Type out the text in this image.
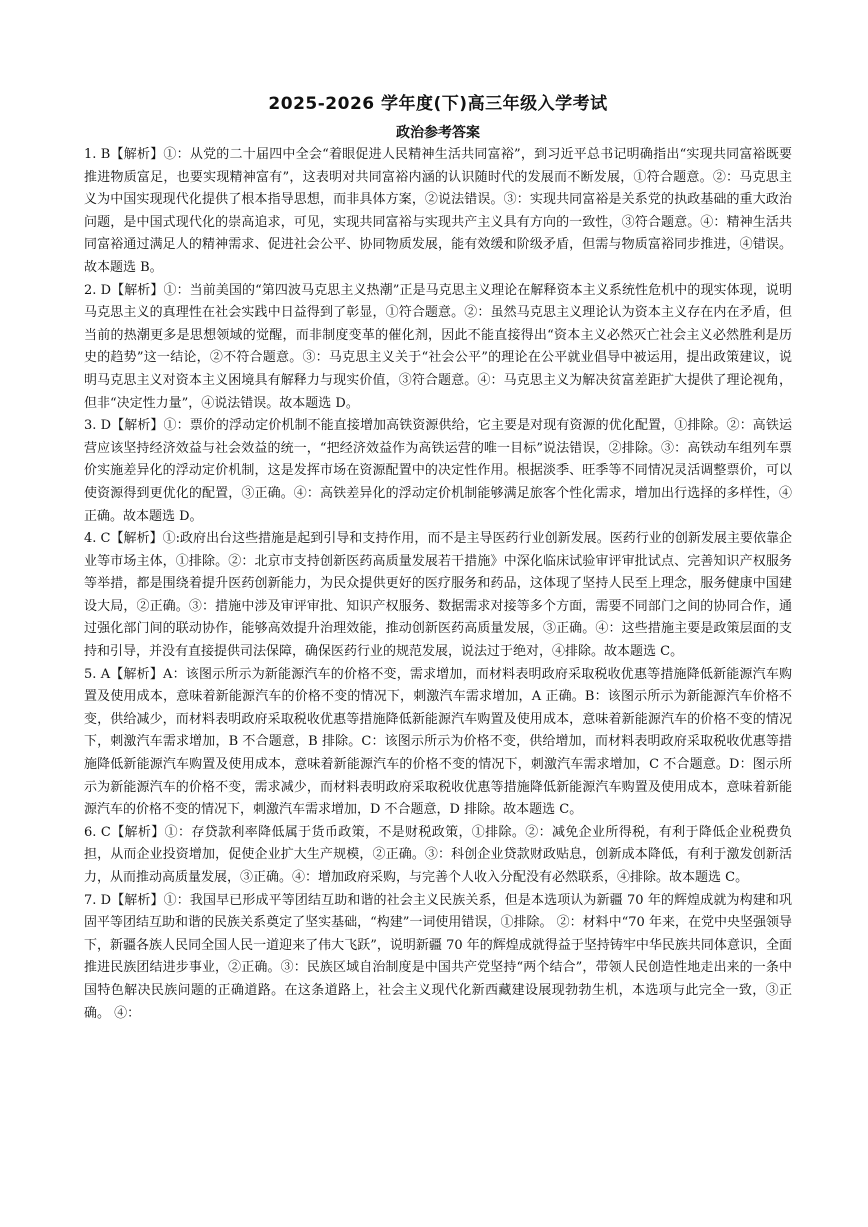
2025-2026 学年度(下)高三年级入学考试
政治参考答案

1. B【解析】①：从党的二十届四中全会“着眼促进人民精神生活共同富裕”，到习近平总书记明确指出“实现共同富裕既要推进物质富足，也要实现精神富有”，这表明对共同富裕内涵的认识随时代的发展而不断发展，①符合题意。②：马克思主义为中国实现现代化提供了根本指导思想，而非具体方案，②说法错误。③：实现共同富裕是关系党的执政基础的重大政治问题，是中国式现代化的崇高追求，可见，实现共同富裕与实现共产主义具有方向的一致性，③符合题意。④：精神生活共同富裕通过满足人的精神需求、促进社会公平、协同物质发展，能有效缓和阶级矛盾，但需与物质富裕同步推进，④错误。故本题选 B。

2. D【解析】①：当前美国的“第四波马克思主义热潮”正是马克思主义理论在解释资本主义系统性危机中的现实体现，说明马克思主义的真理性在社会实践中日益得到了彰显，①符合题意。②：虽然马克思主义理论认为资本主义存在内在矛盾，但当前的热潮更多是思想领域的觉醒，而非制度变革的催化剂，因此不能直接得出“资本主义必然灭亡社会主义必然胜利是历史的趋势”这一结论，②不符合题意。③：马克思主义关于“社会公平”的理论在公平就业倡导中被运用，提出政策建议，说明马克思主义对资本主义困境具有解释力与现实价值，③符合题意。④：马克思主义为解决贫富差距扩大提供了理论视角，但非“决定性力量”，④说法错误。故本题选 D。

3. D【解析】①：票价的浮动定价机制不能直接增加高铁资源供给，它主要是对现有资源的优化配置，①排除。②：高铁运营应该坚持经济效益与社会效益的统一，“把经济效益作为高铁运营的唯一目标”说法错误，②排除。③：高铁动车组列车票价实施差异化的浮动定价机制，这是发挥市场在资源配置中的决定性作用。根据淡季、旺季等不同情况灵活调整票价，可以使资源得到更优化的配置，③正确。④：高铁差异化的浮动定价机制能够满足旅客个性化需求，增加出行选择的多样性，④正确。故本题选 D。

4. C【解析】①:政府出台这些措施是起到引导和支持作用，而不是主导医药行业创新发展。医药行业的创新发展主要依靠企业等市场主体，①排除。②：北京市支持创新医药高质量发展若干措施》中深化临床试验审评审批试点、完善知识产权服务等举措，都是围绕着提升医药创新能力，为民众提供更好的医疗服务和药品，这体现了坚持人民至上理念，服务健康中国建设大局，②正确。③：措施中涉及审评审批、知识产权服务、数据需求对接等多个方面，需要不同部门之间的协同合作，通过强化部门间的联动协作，能够高效提升治理效能，推动创新医药高质量发展，③正确。④：这些措施主要是政策层面的支持和引导，并没有直接提供司法保障，确保医药行业的规范发展，说法过于绝对，④排除。故本题选 C。

5. A【解析】A：该图示所示为新能源汽车的价格不变，需求增加，而材料表明政府采取税收优惠等措施降低新能源汽车购置及使用成本，意味着新能源汽车的价格不变的情况下，刺激汽车需求增加，A 正确。B：该图示所示为新能源汽车价格不变，供给减少，而材料表明政府采取税收优惠等措施降低新能源汽车购置及使用成本，意味着新能源汽车的价格不变的情况下，刺激汽车需求增加，B 不合题意，B 排除。C：该图示所示为价格不变，供给增加，而材料表明政府采取税收优惠等措施降低新能源汽车购置及使用成本，意味着新能源汽车的价格不变的情况下，刺激汽车需求增加，C 不合题意。D：图示所示为新能源汽车的价格不变，需求减少，而材料表明政府采取税收优惠等措施降低新能源汽车购置及使用成本，意味着新能源汽车的价格不变的情况下，刺激汽车需求增加，D 不合题意，D 排除。故本题选 C。

6. C【解析】①：存贷款利率降低属于货币政策，不是财税政策，①排除。②：减免企业所得税，有利于降低企业税费负担，从而企业投资增加，促使企业扩大生产规模，②正确。③：科创企业贷款财政贴息，创新成本降低，有利于激发创新活力，从而推动高质量发展，③正确。④：增加政府采购，与完善个人收入分配没有必然联系，④排除。故本题选 C。

7. D【解析】①：我国早已形成平等团结互助和谐的社会主义民族关系，但是本选项认为新疆 70 年的辉煌成就为构建和巩固平等团结互助和谐的民族关系奠定了坚实基础，“构建”一词使用错误，①排除。 ②：材料中“70 年来，在党中央坚强领导下，新疆各族人民同全国人民一道迎来了伟大飞跃”，说明新疆 70 年的辉煌成就得益于坚持铸牢中华民族共同体意识，全面推进民族团结进步事业，②正确。③：民族区域自治制度是中国共产党坚持“两个结合”，带领人民创造性地走出来的一条中国特色解决民族问题的正确道路。在这条道路上，社会主义现代化新西藏建设展现勃勃生机，本选项与此完全一致，③正确。 ④：
